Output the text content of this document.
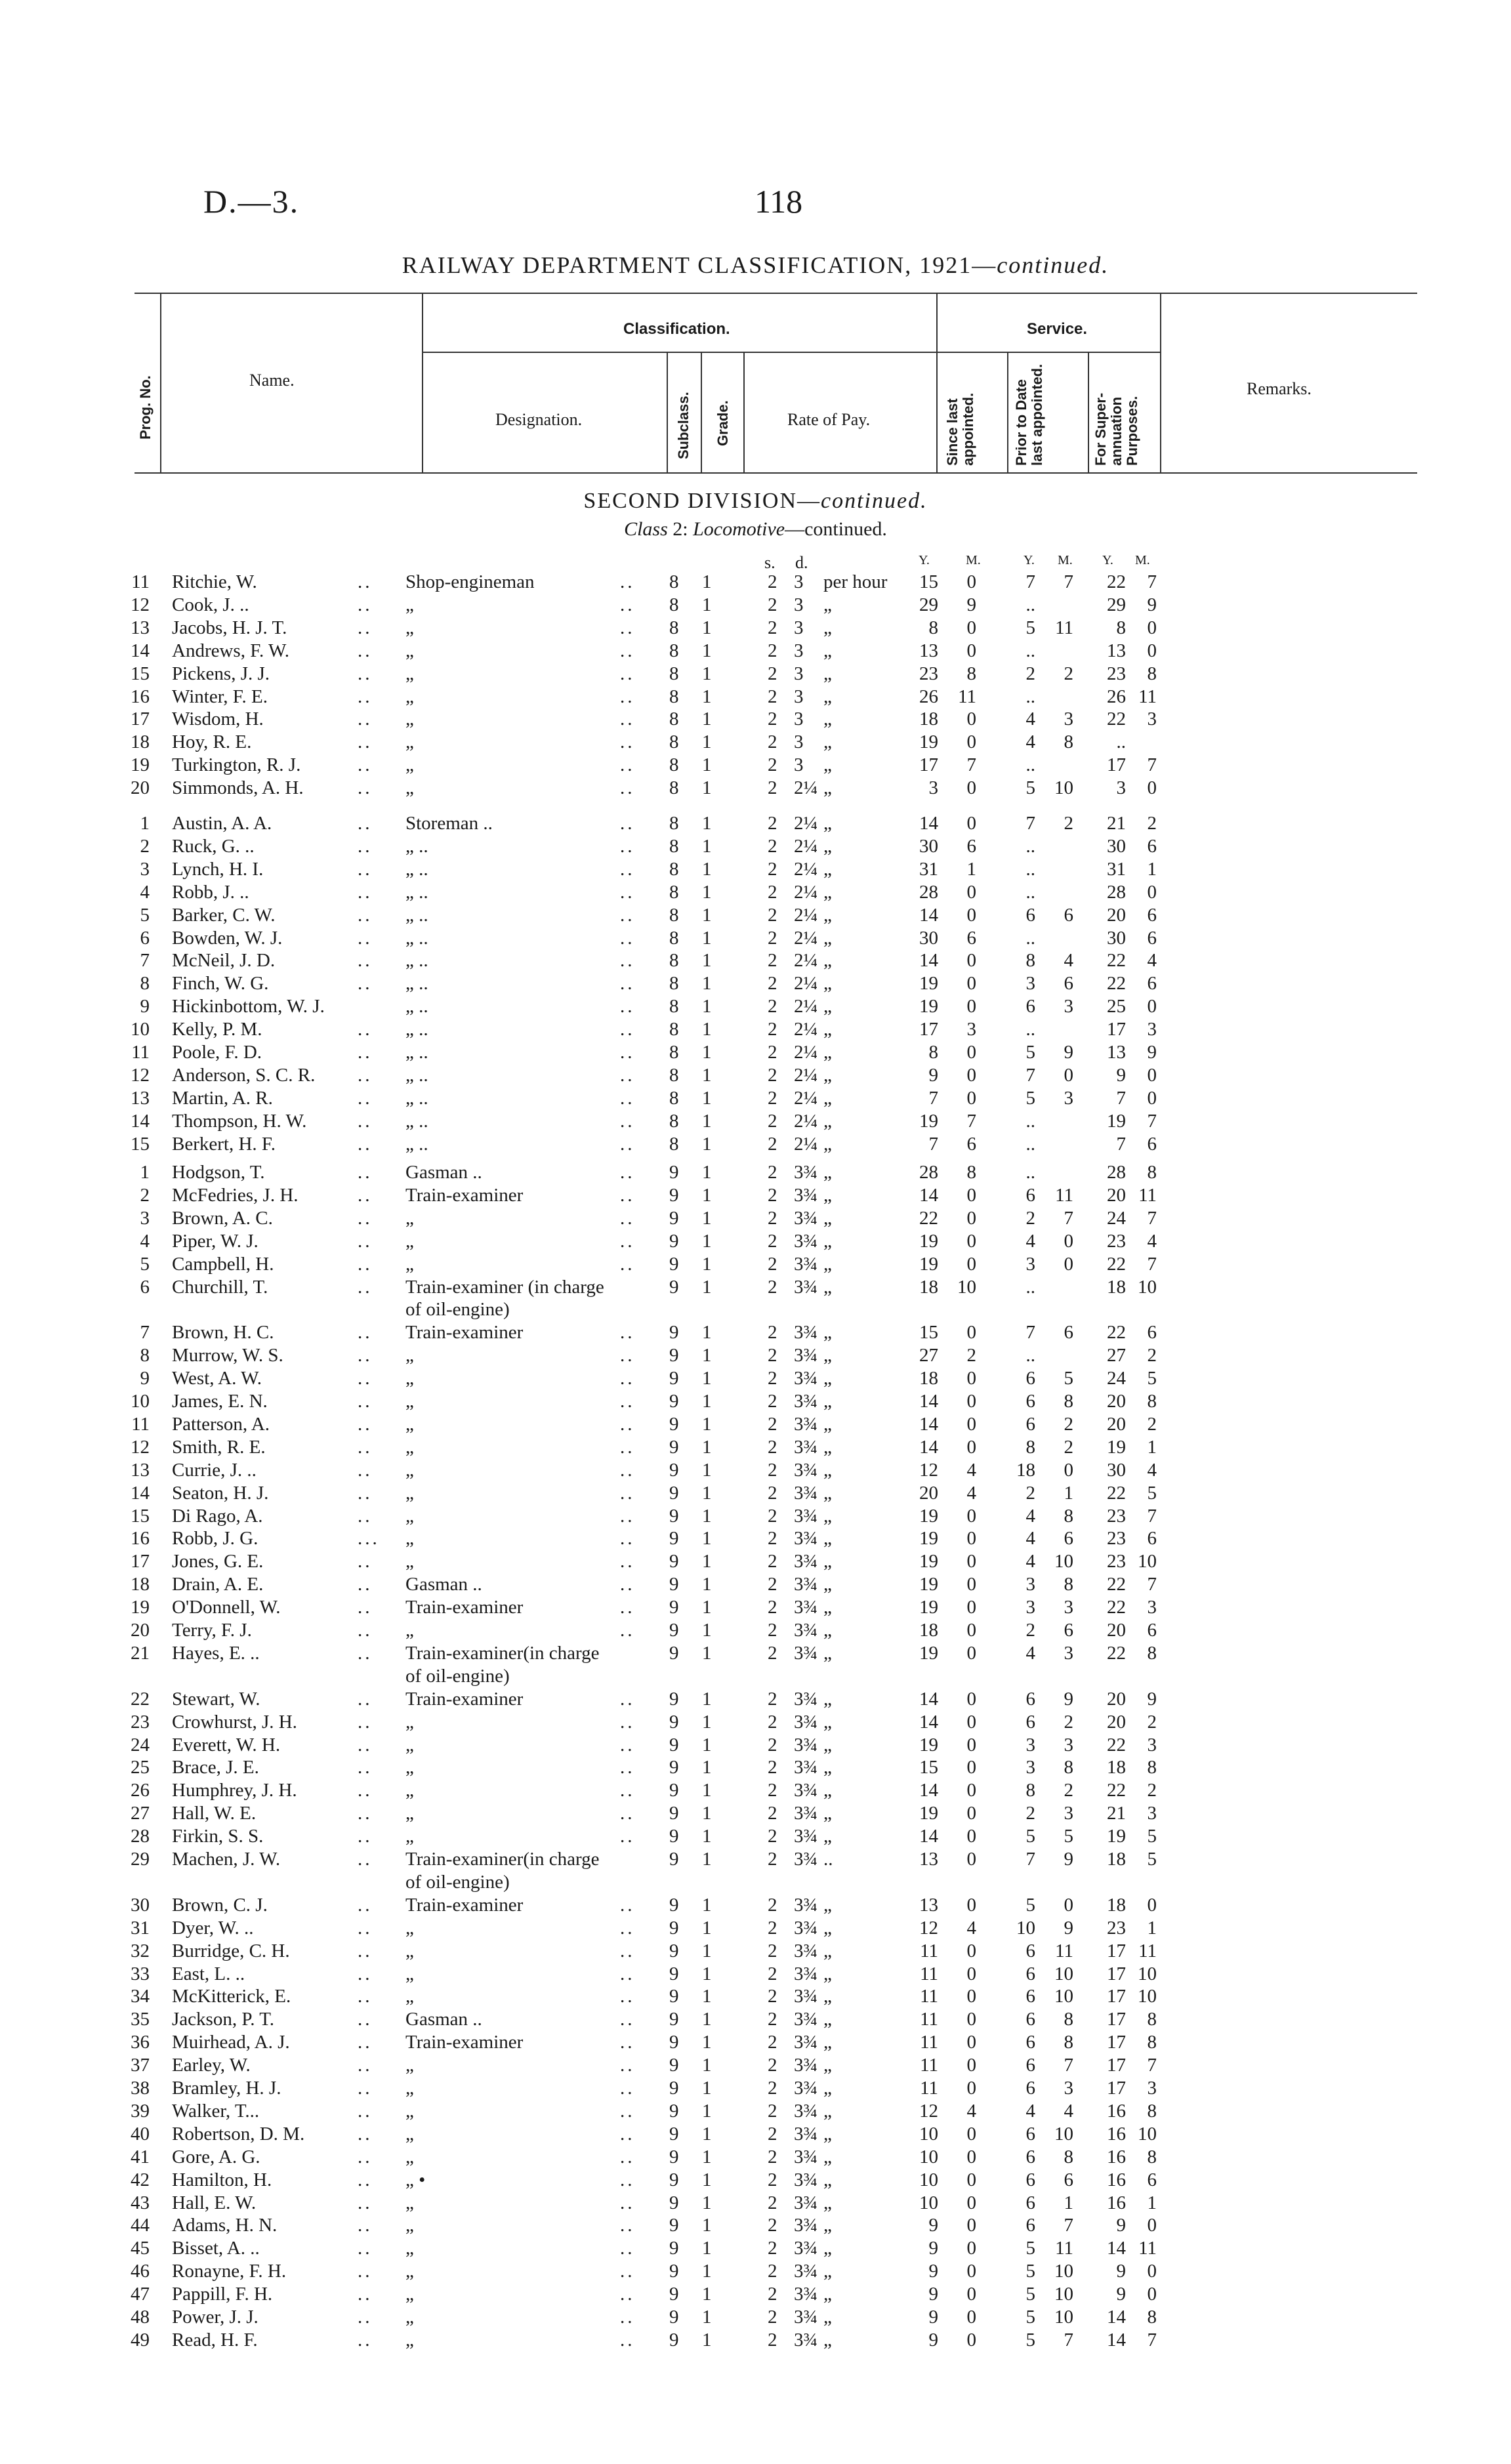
D.—3.	118
RAILWAY DEPARTMENT CLASSIFICATION, 1921—continued.
Prog. No.	Name.
Classification.	Service.
Designation.	Subclass. Grade.	Rate of Pay.	Since last appointed.	Prior to Date last appointed.	For Super-annuation Purposes.
Remarks.
SECOND DIVISION—continued.
Class 2: Locomotive—continued.
s. d.	Y.	M.	Y. M. Y. M.
11 Ritchie, W.	.. Shop-engineman	.. 8 1	2 3 per hour 15 0	7 7 22 7
12 Cook, J. ..	.. „	.. 8 1	2 3 „	29 9	..	29 9
13 Jacobs, H. J. T.	.. „	.. 8 1	2 3 „	8 0	5 11 8 0
14 Andrews, F. W.	.. „	.. 8 1	2 3 „	13 0	..	13 0
15 Pickens, J. J.	.. „	.. 8 1	2 3 „	23 8	2 2 23 8
16 Winter, F. E.	.. „	.. 8 1	2 3 „	26 11	..	26 11
17 Wisdom, H.	.. „	.. 8 1	2 3 „	18 0	4 3 22 3
18 Hoy, R. E.	.. „	.. 8 1	2 3 „	19 0	4 8 ..
19 Turkington, R. J.	.. „	.. 8 1	2 3 „	17 7	..	17 7
20 Simmonds, A. H.	.. „	.. 8 1	2 2¼ „	3 0	5 10 3 0
1 Austin, A. A.	.. Storeman ..	.. 8 1	2 2¼ „	14 0	7 2 21 2
2 Ruck, G. ..	.. „ ..	.. 8 1	2 2¼ „	30 6	..	30 6
3 Lynch, H. I.	.. „ ..	.. 8 1	2 2¼ „	31 1	..	31 1
4 Robb, J. ..	.. „ ..	.. 8 1	2 2¼ „	28 0	..	28 0
5 Barker, C. W.	.. „ ..	.. 8 1	2 2¼ „	14 0	6 6 20 6
6 Bowden, W. J.	.. „ ..	.. 8 1	2 2¼ „	30 6	..	30 6
7 McNeil, J. D.	.. „ ..	.. 8 1	2 2¼ „	14 0	8 4 22 4
8 Finch, W. G.	.. „ ..	.. 8 1	2 2¼ „	19 0	3 6 22 6
9 Hickinbottom, W. J.	„ ..	.. 8 1	2 2¼ „	19 0	6 3 25 0
10 Kelly, P. M.	.. „ ..	.. 8 1	2 2¼ „	17 3	..	17 3
11 Poole, F. D.	.. „ ..	.. 8 1	2 2¼ „	8 0	5 9 13 9
12 Anderson, S. C. R. .. „ ..	.. 8 1	2 2¼ „	9 0	7 0 9 0
13 Martin, A. R.	.. „ ..	.. 8 1	2 2¼ „	7 0	5 3 7 0
14 Thompson, H. W.	.. „ ..	.. 8 1	2 2¼ „	19 7	..	19 7
15 Berkert, H. F.	.. „ ..	.. 8 1	2 2¼ „	7 6	..	7 6
1 Hodgson, T.	.. Gasman ..	.. 9 1	2 3¾ „	28 8	..	28 8
2 McFedries, J. H.	.. Train-examiner	.. 9 1	2 3¾ „	14 0	6 11 20 11
3 Brown, A. C.	.. „	.. 9 1	2 3¾ „	22 0	2 7 24 7
4 Piper, W. J.	.. „	.. 9 1	2 3¾ „	19 0	4 0 23 4
5 Campbell, H.	.. „	.. 9 1	2 3¾ „	19 0	3 0 22 7
6 Churchill, T.	.. Train-examiner (in charge	9 1	2 3¾ „	18 10	..	18 10
of oil-engine)
7 Brown, H. C.	.. Train-examiner	.. 9 1	2 3¾ „	15 0	7 6 22 6
8 Murrow, W. S.	.. „	.. 9 1	2 3¾ „	27 2	..	27 2
9 West, A. W.	.. „	.. 9 1	2 3¾ „	18 0	6 5 24 5
10 James, E. N.	.. „	.. 9 1	2 3¾ „	14 0	6 8 20 8
11 Patterson, A.	.. „	.. 9 1	2 3¾ „	14 0	6 2 20 2
12 Smith, R. E.	.. „	.. 9 1	2 3¾ „	14 0	8 2 19 1
13 Currie, J. ..	.. „	.. 9 1	2 3¾ „	12 4 18 0 30 4
14 Seaton, H. J.	.. „	.. 9 1	2 3¾ „	20 4	2 1 22 5
15 Di Rago, A.	.. „	.. 9 1	2 3¾ „	19 0	4 8 23 7
16 Robb, J. G.	... „	.. 9 1	2 3¾ „	19 0	4 6 23 6
17 Jones, G. E.	.. „	.. 9 1	2 3¾ „	19 0	4 10 23 10
18 Drain, A. E.	.. Gasman ..	.. 9 1	2 3¾ „	19 0	3 8 22 7
19 O'Donnell, W.	.. Train-examiner	.. 9 1	2 3¾ „	19 0	3 3 22 3
20 Terry, F. J.	.. „	.. 9 1	2 3¾ „	18 0	2 6 20 6
21 Hayes, E. ..	.. Train-examiner(in charge	9 1	2 3¾ „	19 0	4 3 22 8
of oil-engine)
22 Stewart, W.	.. Train-examiner	.. 9 1	2 3¾ „	14 0	6 9 20 9
23 Crowhurst, J. H.	.. „	.. 9 1	2 3¾ „	14 0	6 2 20 2
24 Everett, W. H.	.. „	.. 9 1	2 3¾ „	19 0	3 3 22 3
25 Brace, J. E.	.. „	.. 9 1	2 3¾ „	15 0	3 8 18 8
26 Humphrey, J. H.	.. „	.. 9 1	2 3¾ „	14 0	8 2 22 2
27 Hall, W. E.	.. „	.. 9 1	2 3¾ „	19 0	2 3 21 3
28 Firkin, S. S.	.. „	.. 9 1	2 3¾ „	14 0	5 5 19 5
29 Machen, J. W.	.. Train-examiner(in charge	9 1	2 3¾ ..	13 0	7 9 18 5
of oil-engine)
30 Brown, C. J.	.. Train-examiner	.. 9 1	2 3¾ „	13 0	5 0 18 0
31 Dyer, W. ..	.. „	.. 9 1	2 3¾ „	12 4 10 9 23 1
32 Burridge, C. H.	.. „	.. 9 1	2 3¾ „	11 0	6 11 17 11
33 East, L. ..	.. „	.. 9 1	2 3¾ „	11 0	6 10 17 10
34 McKitterick, E.	.. „	.. 9 1	2 3¾ „	11 0	6 10 17 10
35 Jackson, P. T.	.. Gasman ..	.. 9 1	2 3¾ „	11 0	6 8 17 8
36 Muirhead, A. J.	.. Train-examiner	.. 9 1	2 3¾ „	11 0	6 8 17 8
37 Earley, W.	.. „	.. 9 1	2 3¾ „	11 0	6 7 17 7
38 Bramley, H. J.	.. „	.. 9 1	2 3¾ „	11 0	6 3 17 3
39 Walker, T...	.. „	.. 9 1	2 3¾ „	12 4	4 4 16 8
40 Robertson, D. M.	.. „	.. 9 1	2 3¾ „	10 0	6 10 16 10
41 Gore, A. G.	.. „	.. 9 1	2 3¾ „	10 0	6 8 16 8
42 Hamilton, H.	.. „ •	.. 9 1	2 3¾ „	10 0	6 6 16 6
43 Hall, E. W.	.. „	.. 9 1	2 3¾ „	10 0	6 1 16 1
44 Adams, H. N.	.. „	.. 9 1	2 3¾ „	9 0	6 7 9 0
45 Bisset, A. ..	.. „	.. 9 1	2 3¾ „	9 0	5 11 14 11
46 Ronayne, F. H.	.. „	.. 9 1	2 3¾ „	9 0	5 10 9 0
47 Pappill, F. H.	.. „	.. 9 1	2 3¾ „	9 0	5 10 9 0
48 Power, J. J.	.. „	.. 9 1	2 3¾ „	9 0	5 10 14 8
49 Read, H. F.	.. „	.. 9 1	2 3¾ „	9 0	5 7 14 7
